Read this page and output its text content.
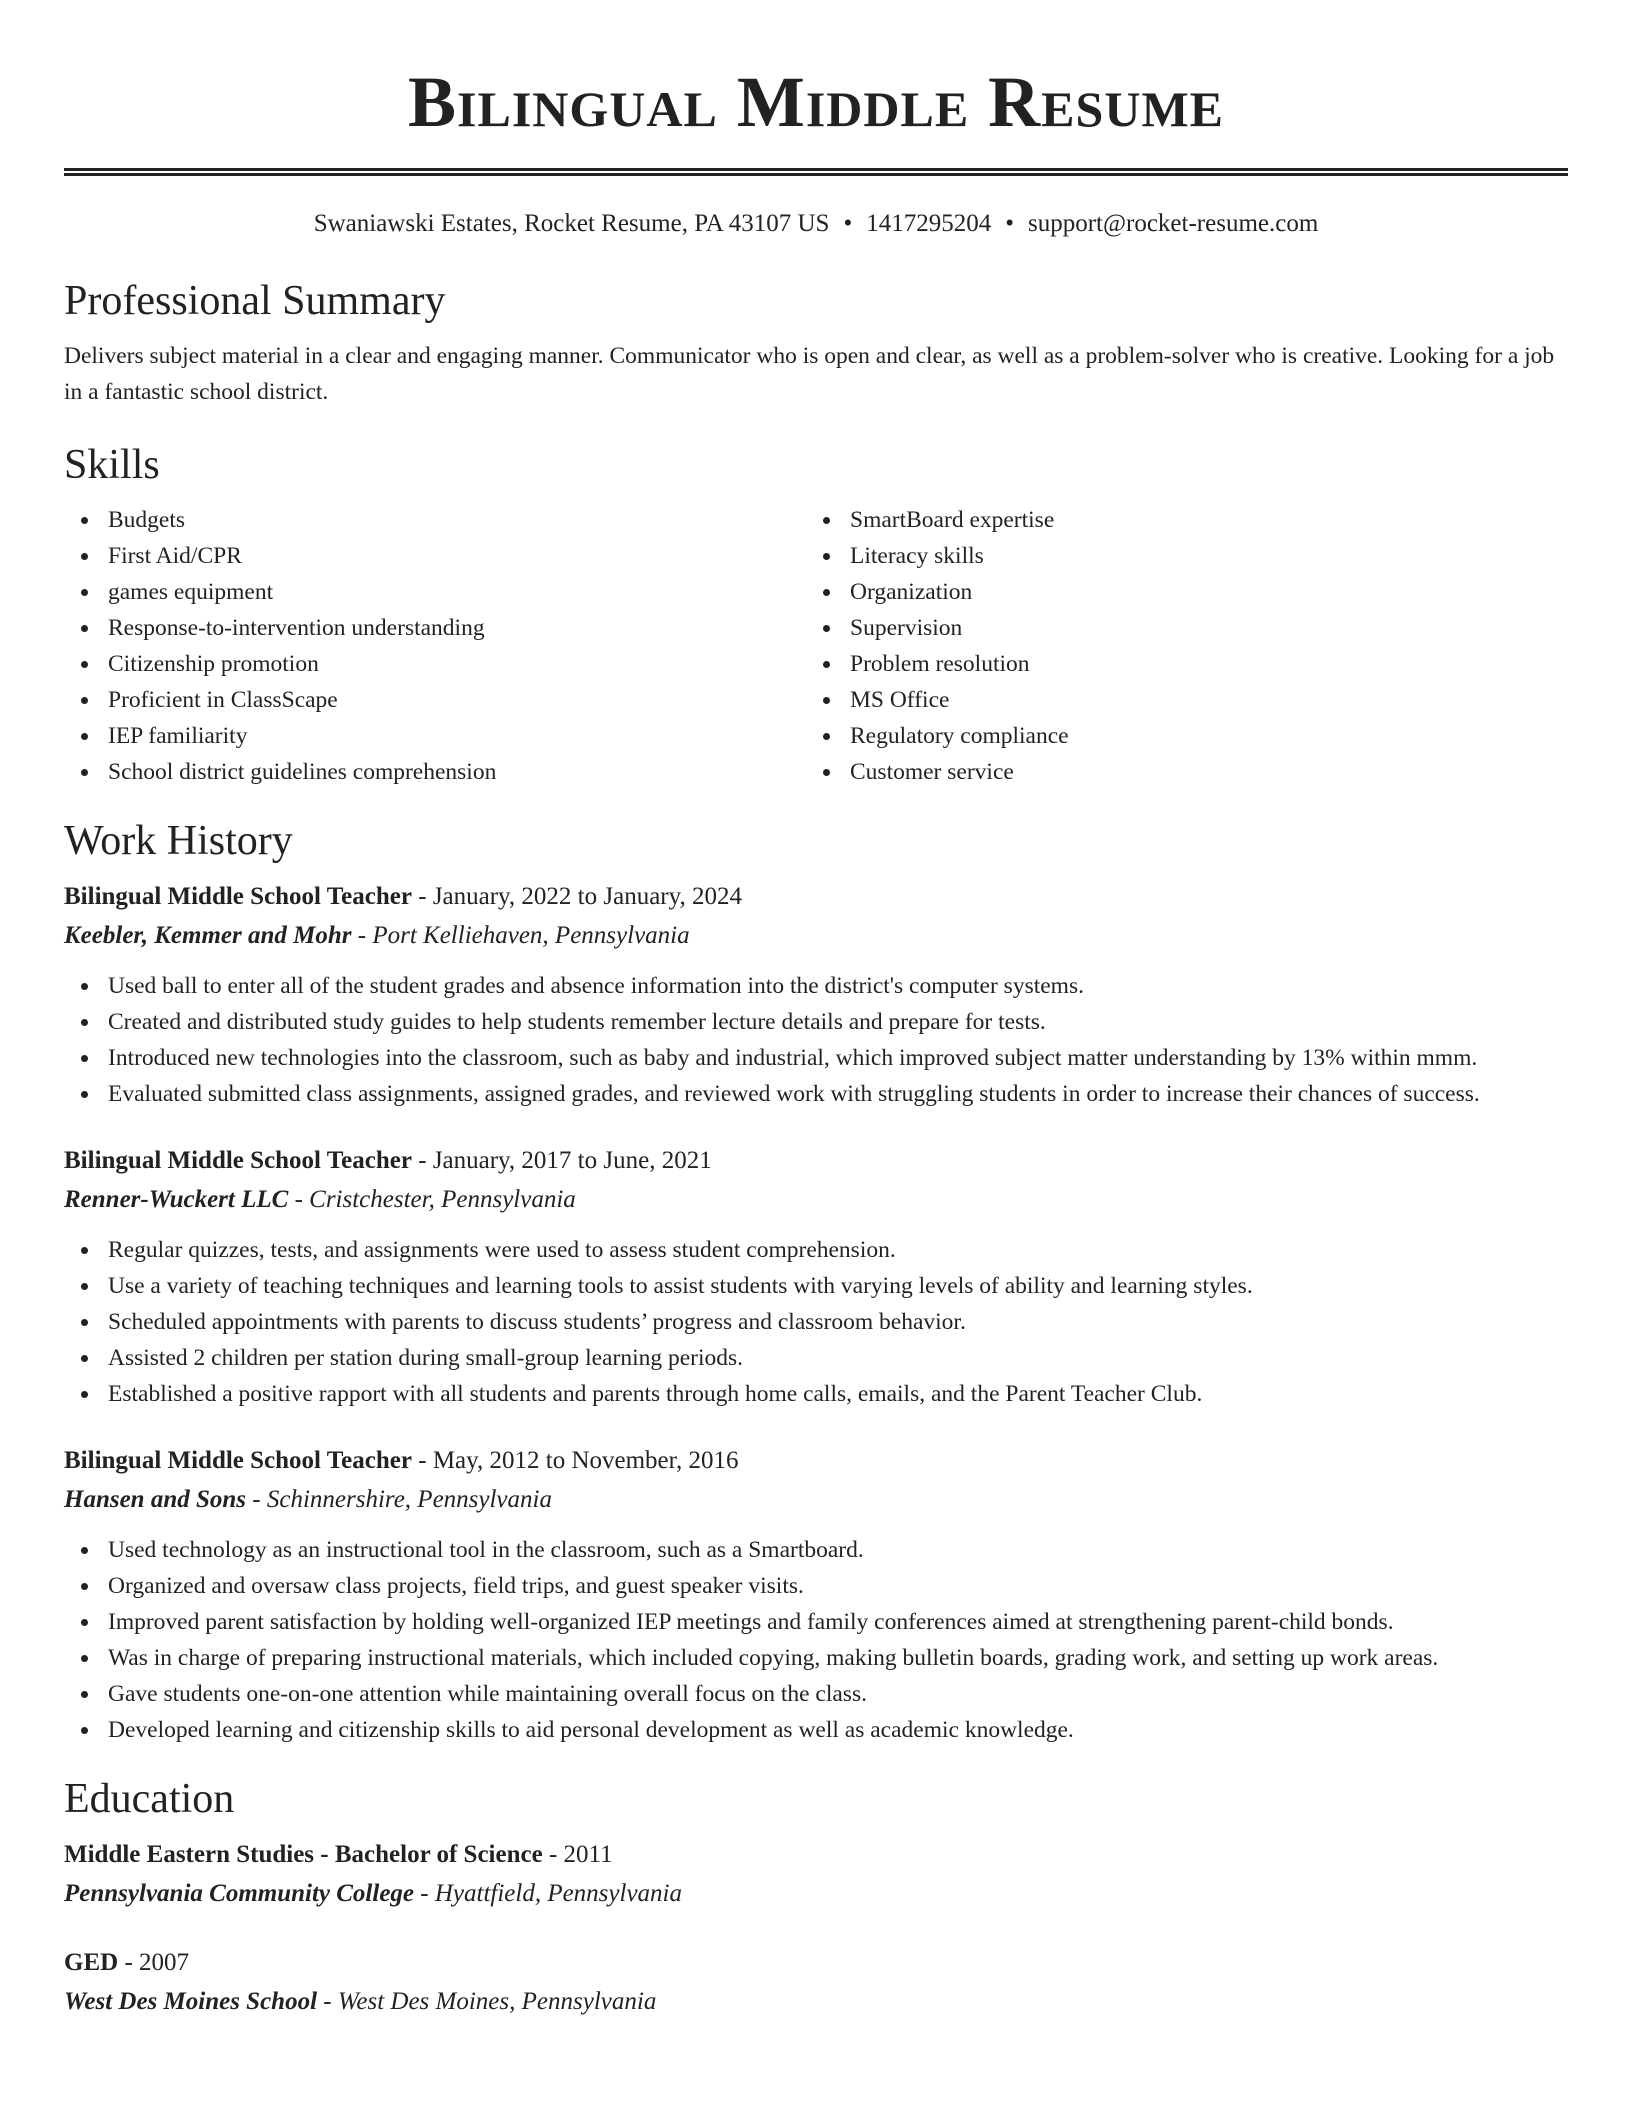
Bilingual Middle Resume
Swaniawski Estates, Rocket Resume, PA 43107 US • 1417295204 • support@rocket-resume.com
Professional Summary

Delivers subject material in a clear and engaging manner. Communicator who is open and clear, as well as a problem-solver who is creative. Looking for a job in a fantastic school district.

Skills
Budgets
First Aid/CPR
games equipment
Response-to-intervention understanding
Citizenship promotion
Proficient in ClassScape
IEP familiarity
School district guidelines comprehension
SmartBoard expertise
Literacy skills
Organization
Supervision
Problem resolution
MS Office
Regulatory compliance
Customer service
Work History

Bilingual Middle School Teacher - January, 2022 to January, 2024

Keebler, Kemmer and Mohr - Port Kelliehaven, Pennsylvania

Used ball to enter all of the student grades and absence information into the district's computer systems.
Created and distributed study guides to help students remember lecture details and prepare for tests.
Introduced new technologies into the classroom, such as baby and industrial, which improved subject matter understanding by 13% within mmm.
Evaluated submitted class assignments, assigned grades, and reviewed work with struggling students in order to increase their chances of success.

Bilingual Middle School Teacher - January, 2017 to June, 2021

Renner-Wuckert LLC - Cristchester, Pennsylvania

Regular quizzes, tests, and assignments were used to assess student comprehension.
Use a variety of teaching techniques and learning tools to assist students with varying levels of ability and learning styles.
Scheduled appointments with parents to discuss students’ progress and classroom behavior.
Assisted 2 children per station during small-group learning periods.
Established a positive rapport with all students and parents through home calls, emails, and the Parent Teacher Club.

Bilingual Middle School Teacher - May, 2012 to November, 2016

Hansen and Sons - Schinnershire, Pennsylvania

Used technology as an instructional tool in the classroom, such as a Smartboard.
Organized and oversaw class projects, field trips, and guest speaker visits.
Improved parent satisfaction by holding well-organized IEP meetings and family conferences aimed at strengthening parent-child bonds.
Was in charge of preparing instructional materials, which included copying, making bulletin boards, grading work, and setting up work areas.
Gave students one-on-one attention while maintaining overall focus on the class.
Developed learning and citizenship skills to aid personal development as well as academic knowledge.
Education

Middle Eastern Studies - Bachelor of Science - 2011

Pennsylvania Community College - Hyattfield, Pennsylvania

GED - 2007

West Des Moines School - West Des Moines, Pennsylvania
